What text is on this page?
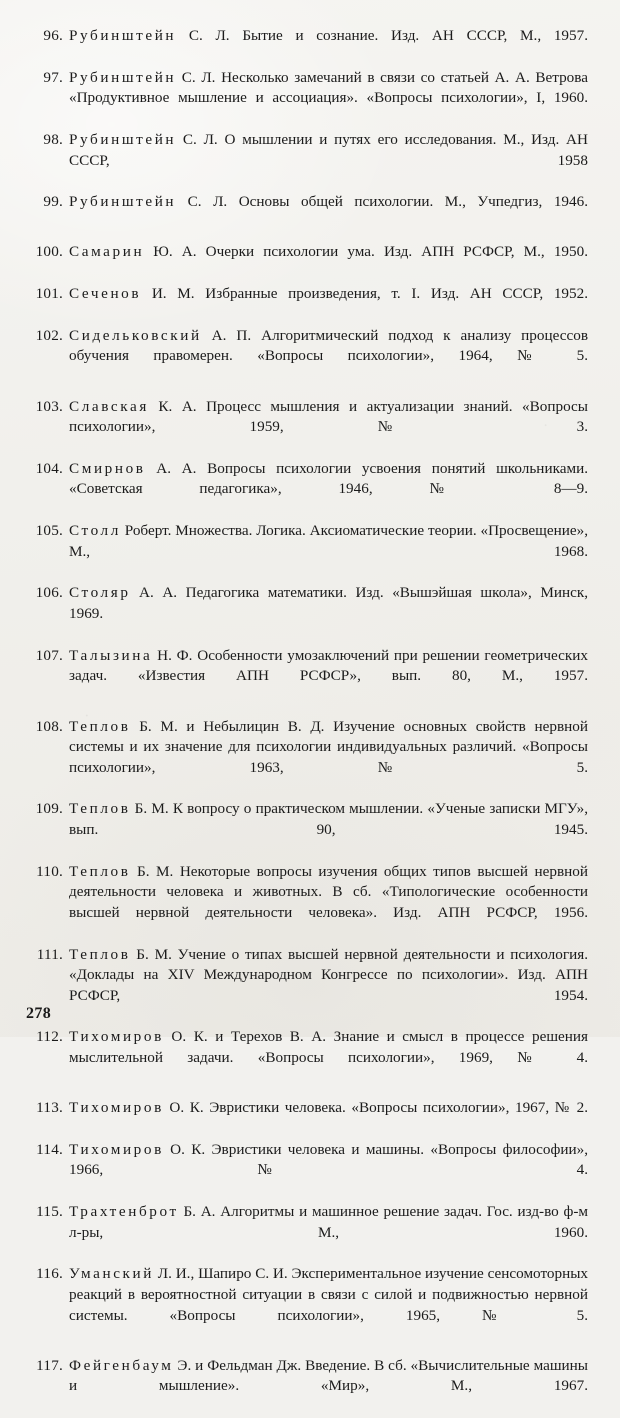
96. Рубинштейн С. Л. Бытие и сознание. Изд. АН СССР, М., 1957.
97. Рубинштейн С. Л. Несколько замечаний в связи со статьей А. А. Ветрова «Продуктивное мышление и ассоциация». «Вопросы психологии», I, 1960.
98. Рубинштейн С. Л. О мышлении и путях его исследования. М., Изд. АН СССР, 1958
99. Рубинштейн С. Л. Основы общей психологии. М., Учпедгиз, 1946.
100. Самарин Ю. А. Очерки психологии ума. Изд. АПН РСФСР, М., 1950.
101. Сеченов И. М. Избранные произведения, т. I. Изд. АН СССР, 1952.
102. Сидельковский А. П. Алгоритмический подход к анализу процессов обучения правомерен. «Вопросы психологии», 1964, № 5.
103. Славская К. А. Процесс мышления и актуализации знаний. «Вопросы психологии», 1959, № 3.
104. Смирнов А. А. Вопросы психологии усвоения понятий школьниками. «Советская педагогика», 1946, № 8—9.
105. Столл Роберт. Множества. Логика. Аксиоматические теории. «Просвещение», М., 1968.
106. Столяр А. А. Педагогика математики. Изд. «Вышэйшая школа», Минск, 1969.
107. Талызина Н. Ф. Особенности умозаключений при решении геометрических задач. «Известия АПН РСФСР», вып. 80, М., 1957.
108. Теплов Б. М. и Небылицин В. Д. Изучение основных свойств нервной системы и их значение для психологии индивидуальных различий. «Вопросы психологии», 1963, № 5.
109. Теплов Б. М. К вопросу о практическом мышлении. «Ученые записки МГУ», вып. 90, 1945.
110. Теплов Б. М. Некоторые вопросы изучения общих типов высшей нервной деятельности человека и животных. В сб. «Типологические особенности высшей нервной деятельности человека». Изд. АПН РСФСР, 1956.
111. Теплов Б. М. Учение о типах высшей нервной деятельности и психология. «Доклады на XIV Международном Конгрессе по психологии». Изд. АПН РСФСР, 1954.
112. Тихомиров О. К. и Терехов В. А. Знание и смысл в процессе решения мыслительной задачи. «Вопросы психологии», 1969, № 4.
113. Тихомиров О. К. Эвристики человека. «Вопросы психологии», 1967, № 2.
114. Тихомиров О. К. Эвристики человека и машины. «Вопросы философии», 1966, № 4.
115. Трахтенброт Б. А. Алгоритмы и машинное решение задач. Гос. изд-во ф-м л-ры, М., 1960.
116. Уманский Л. И., Шапиро С. И. Экспериментальное изучение сенсомоторных реакций в вероятностной ситуации в связи с силой и подвижностью нервной системы. «Вопросы психологии», 1965, № 5.
117. Фейгенбаум Э. и Фельдман Дж. Введение. В сб. «Вычислительные машины и мышление». «Мир», М., 1967.
278
